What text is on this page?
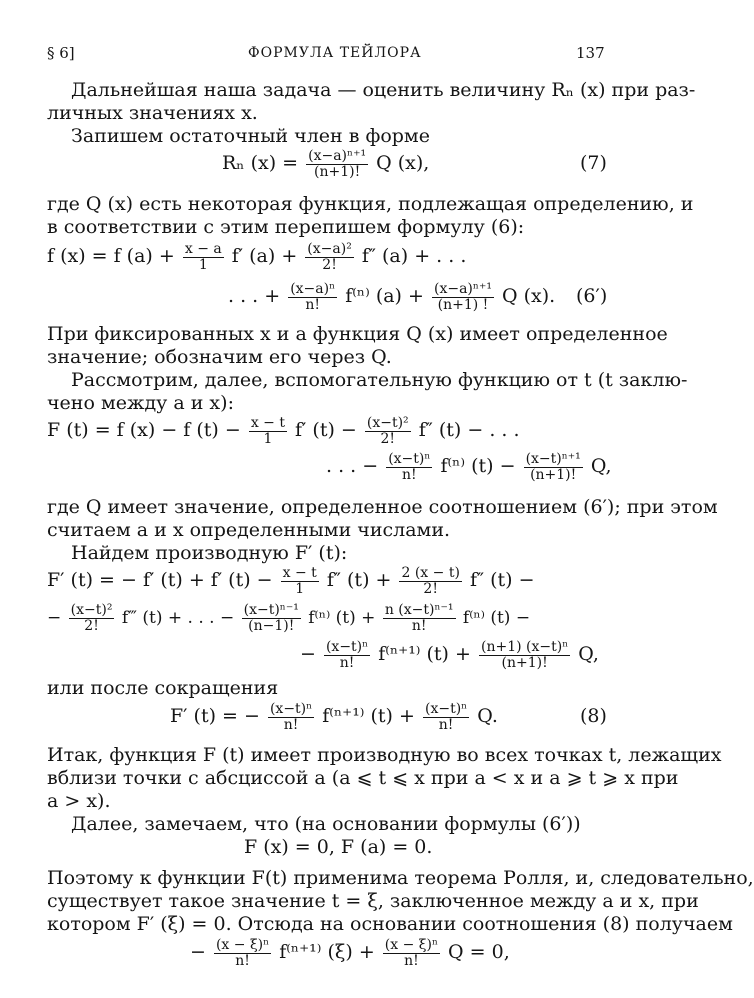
§ 6]	ФОРМУЛА ТЕЙЛОРА	137
Дальнейшая наша задача — оценить величину Rₙ (x) при раз-
личных значениях x.
Запишем остаточный член в форме
Rₙ $(x) = \frac{\text{(x−a)ⁿ⁺¹}}{(n+1)!}$ Q (x),	(7)
где Q (x) есть некоторая функция, подлежащая определению, и
в соответствии с этим перепишем формулу (6):
f (x) = f $(a) + \frac{x - a}{1} f'$ $(a) + \frac{\text{(x−a)²}}{2!} f''$ (a) + . . .
. . . + $\frac{\text{(x−a)ⁿ}}{n!} f^{(n)}$ $(a) + \frac{\text{(x−a)ⁿ⁺¹}}{(n+1) !}$ Q (x). (6′)
При фиксированных x и a функция Q (x) имеет определенное
значение; обозначим его через Q.
Рассмотрим, далее, вспомогательную функцию от t (t заклю-
чено между a и x):
F (t) = f (x) − f $(t) - \frac{x - t}{1} f'$ $(t) - \frac{\text{(x−t)²}}{2!} f''$ (t) − . . .
. . . − $\frac{\text{(x−t)ⁿ}}{n!} f^{(n)}$ $(t) - \frac{\text{(x−t)ⁿ⁺¹}}{(n+1)!} Q$,
где Q имеет значение, определенное соотношением (6′); при этом
считаем a и x определенными числами.
Найдем производную F′ (t):
F′ (t) = − f′ (t) + f′ $(t) - \frac{x - t}{1} f''$ $(t) + \frac{2 (x - t)}{2!} f''$ (t) −
− $\frac{\text{(x−t)²}}{2!}$ f‴ (t) + . . . − $\frac{\text{(x−t)ⁿ⁻¹}}{(n-1)!} f^{(n)}$ $(t) + \frac{\text{n (x−t)ⁿ⁻¹}}{n!} f^{(n)}$ (t) −
− $\frac{\text{(x−t)ⁿ}}{n!} f^{(n+1)}$ $(t) + \frac{\text{(n+1) (x−t)ⁿ}}{(n+1)!} Q$,
или после сокращения
F′ (t) = − $\frac{\text{(x−t)ⁿ}}{n!} f^{(n+1)}$ $(t) + \frac{\text{(x−t)ⁿ}}{n!} Q$.	(8)
Итак, функция F (t) имеет производную во всех точках t, лежащих
вблизи точки с абсциссой a (a ⩽ t ⩽ x при a < x и a ⩾ t ⩾ x при
a > x).
Далее, замечаем, что (на основании формулы (6′))
F (x) = 0, F (a) = 0.
Поэтому к функции F(t) применима теорема Ролля, и, следовательно,
существует такое значение t = ξ, заключенное между a и x, при
котором F′ (ξ) = 0. Отсюда на основании соотношения (8) получаем
− $\frac{\text{(x − ξ)ⁿ}}{n!} f^{(n+1)}$ $(\xi) + \frac{\text{(x − ξ)ⁿ}}{n!}$ Q = 0,
